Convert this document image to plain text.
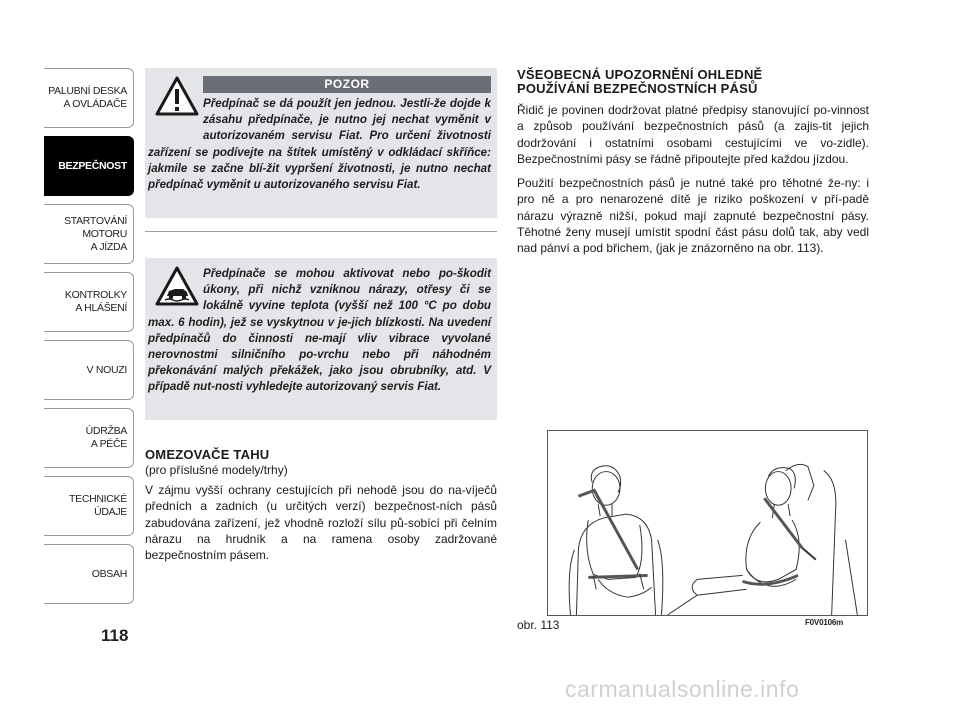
PALUBNÍ DESKA
A OVLÁDAČE
BEZPEČNOST
STARTOVÁNÍ
MOTORU
A JÍZDA
KONTROLKY
A HLÁŠENÍ
V NOUZI
ÚDRŽBA
A PÉČE
TECHNICKÉ
ÚDAJE
OBSAH
118
POZOR
Předpínač se dá použít jen jednou. Jestli-že dojde k zásahu předpínače, je nutno jej nechat vyměnit v autorizovaném servisu Fiat. Pro určení životnosti zařízení se podívejte na štítek umístěný v odkládací skříňce: jakmile se začne blí-žit vypršení životnosti, je nutno nechat předpínač vyměnit u autorizovaného servisu Fiat.
Předpínače se mohou aktivovat nebo po-škodit úkony, při nichž vzniknou nárazy, otřesy či se lokálně vyvine teplota (vyšší než 100 °C po dobu max. 6 hodin), jež se vyskytnou v je-jich blízkosti. Na uvedení předpínačů do činnosti ne-mají vliv vibrace vyvolané nerovnostmi silničního po-vrchu nebo při náhodném překonávání malých překážek, jako jsou obrubníky, atd. V případě nut-nosti vyhledejte autorizovaný servis Fiat.
OMEZOVAČE TAHU
(pro příslušné modely/trhy)

V zájmu vyšší ochrany cestujících při nehodě jsou do na-víječů předních a zadních (u určitých verzí) bezpečnost-ních pásů zabudována zařízení, jež vhodně rozloží sílu pů-sobící při čelním nárazu na hrudník a na ramena osoby zadržované bezpečnostním pásem.

VŠEOBECNÁ UPOZORNĚNÍ OHLEDNĚ
POUŽÍVÁNÍ BEZPEČNOSTNÍCH PÁSŮ

Řidič je povinen dodržovat platné předpisy stanovující po-vinnost a způsob používání bezpečnostních pásů (a zajis-tit jejich dodržování i ostatními osobami cestujícími ve vo-zidle). Bezpečnostními pásy se řádně připoutejte před každou jízdou.

Použití bezpečnostních pásů je nutné také pro těhotné že-ny: i pro ně a pro nenarozené dítě je riziko poškození v pří-padě nárazu výrazně nižší, pokud mají zapnuté bezpečnostní pásy. Těhotné ženy musejí umístit spodní část pásu dolů tak, aby vedl nad pánví a pod břichem, (jak je znázorněno na obr. 113).

obr. 113	F0V0106m
carmanualsonline.info
